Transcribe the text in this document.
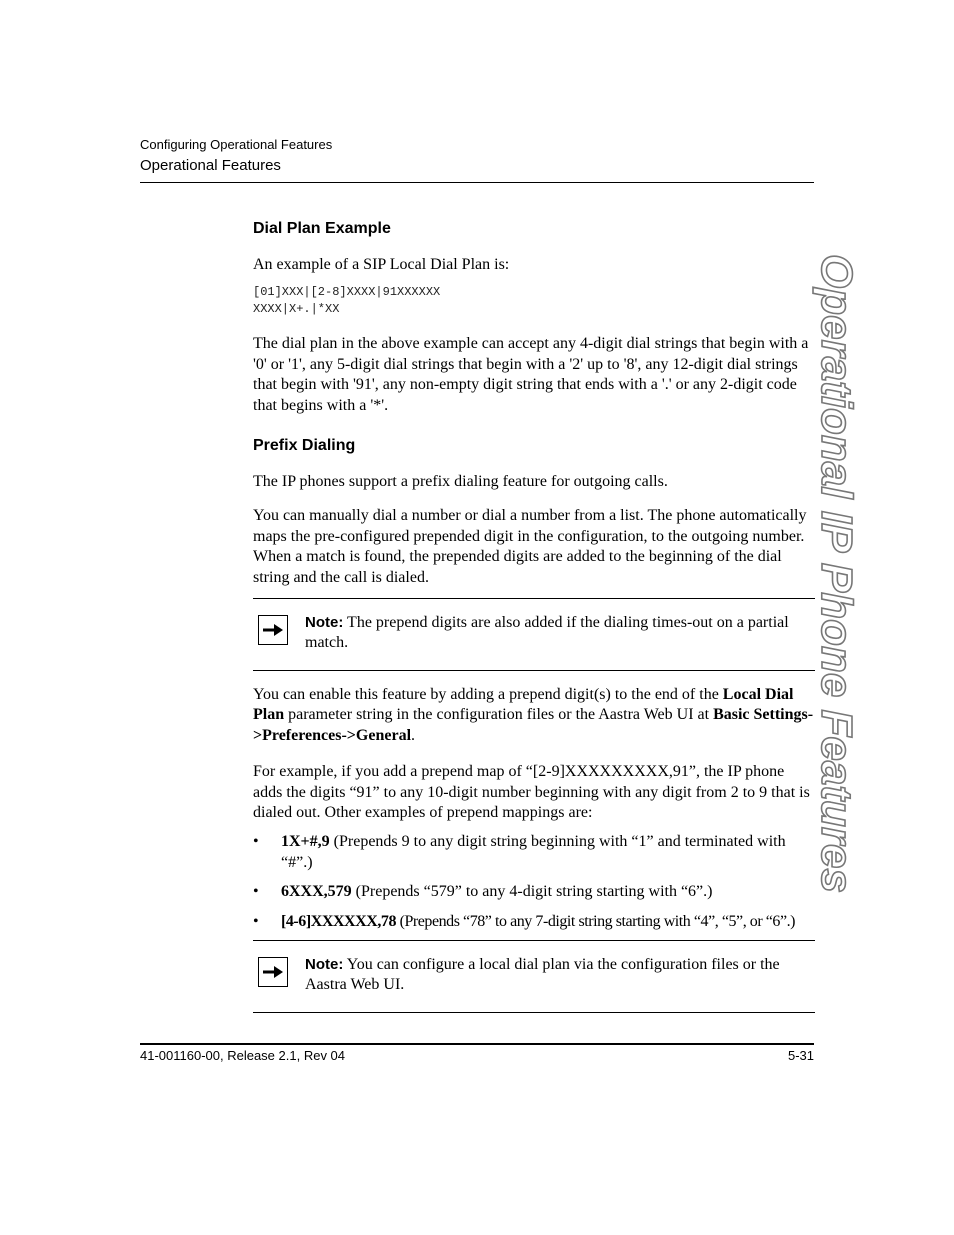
Configuring Operational Features
Operational Features
Operational IP Phone Features
Dial Plan Example

An example of a SIP Local Dial Plan is:

[01]XXX|[2-8]XXXX|91XXXXXX
XXXX|X+.|*XX

The dial plan in the above example can accept any 4-digit dial strings that begin with a '0' or '1', any 5-digit dial strings that begin with a '2' up to '8', any 12-digit dial strings that begin with '91', any non-empty digit string that ends with a '.' or any 2-digit code that begins with a '*'.

Prefix Dialing

The IP phones support a prefix dialing feature for outgoing calls.

You can manually dial a number or dial a number from a list. The phone automatically maps the pre-configured prepended digit in the configuration, to the outgoing number. When a match is found, the prepended digits are added to the beginning of the dial string and the call is dialed.

Note: The prepend digits are also added if the dialing times-out on a partial match.

You can enable this feature by adding a prepend digit(s) to the end of the Local Dial Plan parameter string in the configuration files or the Aastra Web UI at Basic Settings->Preferences->General.

For example, if you add a prepend map of “[2-9]XXXXXXXXX,91”, the IP phone adds the digits “91” to any 10-digit number beginning with any digit from 2 to 9 that is dialed out. Other examples of prepend mappings are:

• 1X+#,9 (Prepends 9 to any digit string beginning with “1” and terminated with “#”.)
• 6XXX,579 (Prepends “579” to any 4-digit string starting with “6”.)
• [4-6]XXXXXX,78 (Prepends “78” to any 7-digit string starting with “4”, “5”, or “6”.)
Note: You can configure a local dial plan via the configuration files or the Aastra Web UI.
41-001160-00, Release 2.1, Rev 04	5-31
